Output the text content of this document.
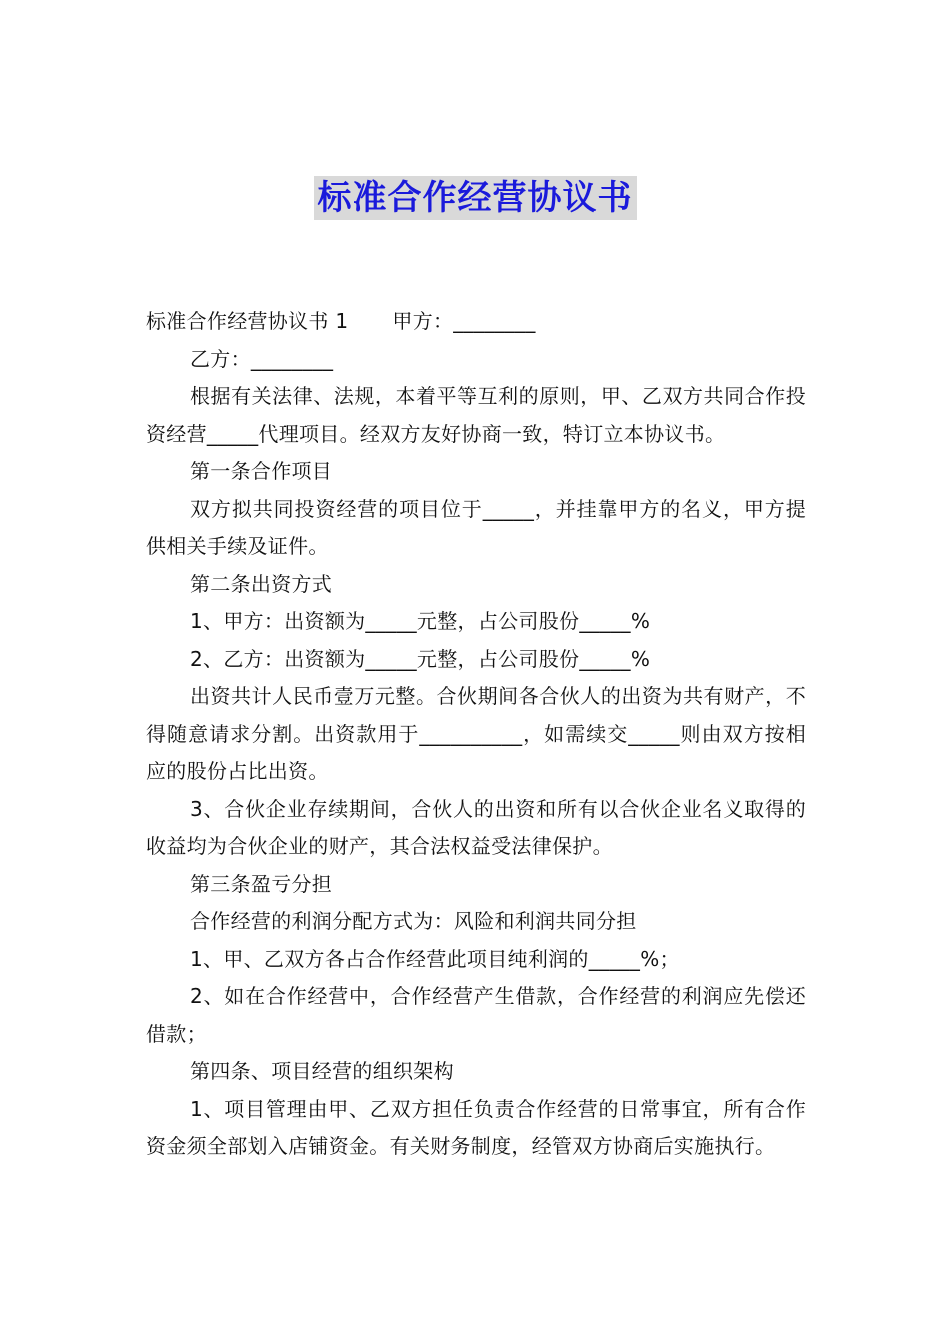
标准合作经营协议书

标准合作经营协议书 1 甲方：________

乙方：________

根据有关法律、法规，本着平等互利的原则，甲、乙双方共同合作投资经营_____代理项目。经双方友好协商一致，特订立本协议书。

第一条合作项目

双方拟共同投资经营的项目位于_____，并挂靠甲方的名义，甲方提供相关手续及证件。

第二条出资方式

1、甲方：出资额为_____元整，占公司股份_____%

2、乙方：出资额为_____元整，占公司股份_____%

出资共计人民币壹万元整。合伙期间各合伙人的出资为共有财产，不得随意请求分割。出资款用于__________，如需续交_____则由双方按相应的股份占比出资。

3、合伙企业存续期间，合伙人的出资和所有以合伙企业名义取得的收益均为合伙企业的财产，其合法权益受法律保护。

第三条盈亏分担

合作经营的利润分配方式为：风险和利润共同分担

1、甲、乙双方各占合作经营此项目纯利润的_____%；

2、如在合作经营中，合作经营产生借款，合作经营的利润应先偿还借款；

第四条、项目经营的组织架构

1、项目管理由甲、乙双方担任负责合作经营的日常事宜，所有合作资金须全部划入店铺资金。有关财务制度，经管双方协商后实施执行。
